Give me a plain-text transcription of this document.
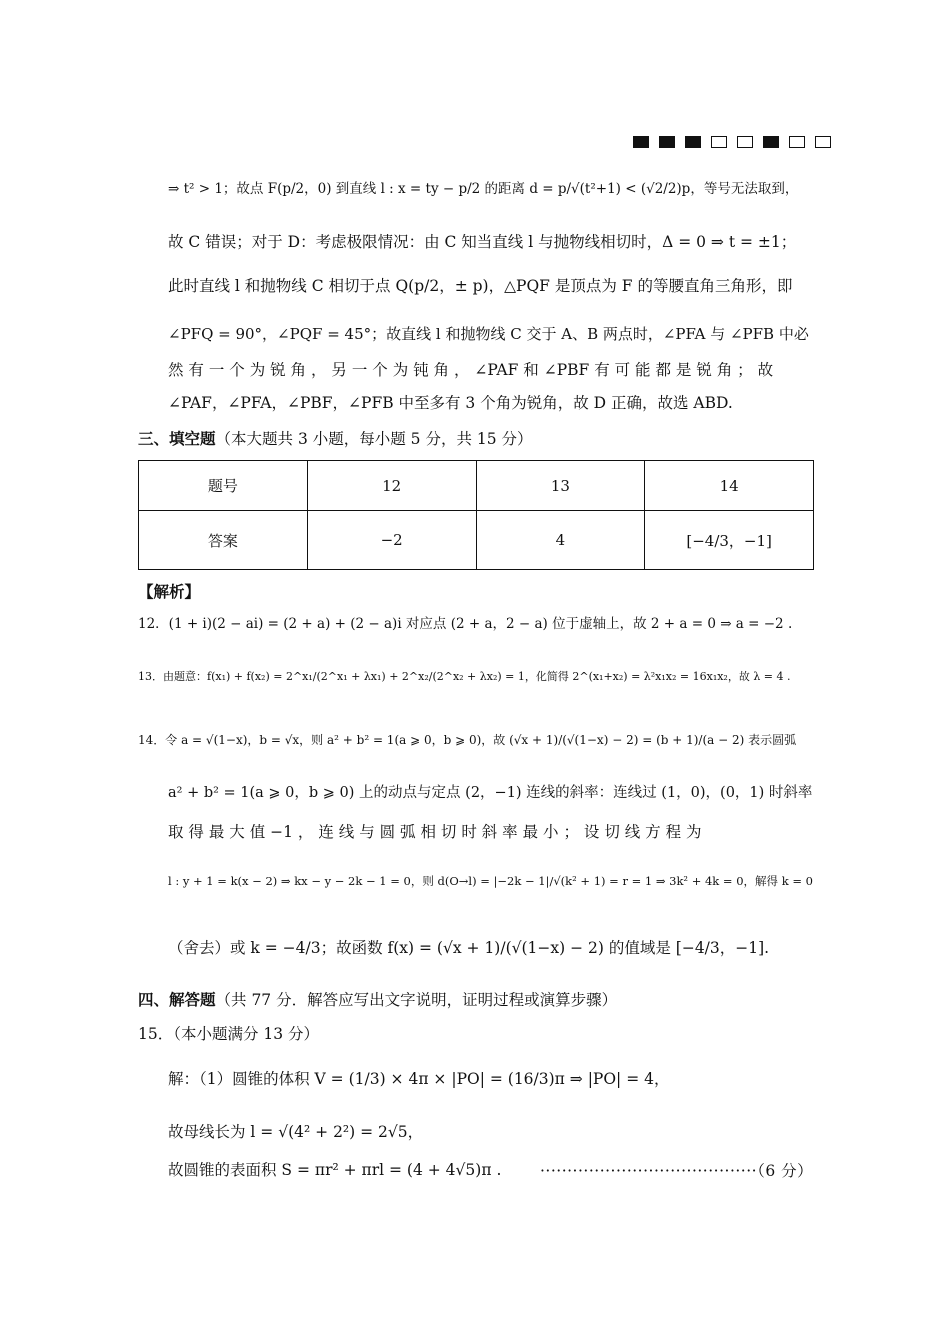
⇒ t² > 1；故点 F(p/2，0) 到直线 l : x = ty − p/2 的距离 d = p/√(t²+1) < (√2/2)p，等号无法取到，
故 C 错误；对于 D：考虑极限情况：由 C 知当直线 l 与抛物线相切时，Δ = 0 ⇒ t = ±1；
此时直线 l 和抛物线 C 相切于点 Q(p/2，± p)，△PQF 是顶点为 F 的等腰直角三角形，即
∠PFQ = 90°，∠PQF = 45°；故直线 l 和抛物线 C 交于 A、B 两点时，∠PFA 与 ∠PFB 中必
然 有 一 个 为 锐 角 ， 另 一 个 为 钝 角 ， ∠PAF 和 ∠PBF 有 可 能 都 是 锐 角 ； 故
∠PAF，∠PFA，∠PBF，∠PFB 中至多有 3 个角为锐角，故 D 正确，故选 ABD.
三、填空题（本大题共 3 小题，每小题 5 分，共 15 分）
题号	12	13	14
答案	−2	4	[−4/3，−1]
【解析】
12．(1 + i)(2 − ai) = (2 + a) + (2 − a)i 对应点 (2 + a，2 − a) 位于虚轴上，故 2 + a = 0 ⇒ a = −2 .
13．由题意：f(x₁) + f(x₂) = 2^x₁/(2^x₁ + λx₁) + 2^x₂/(2^x₂ + λx₂) = 1，化简得 2^(x₁+x₂) = λ²x₁x₂ = 16x₁x₂，故 λ = 4 .
14．令 a = √(1−x)，b = √x，则 a² + b² = 1(a ⩾ 0，b ⩾ 0)，故 (√x + 1)/(√(1−x) − 2) = (b + 1)/(a − 2) 表示圆弧
a² + b² = 1(a ⩾ 0，b ⩾ 0) 上的动点与定点 (2，−1) 连线的斜率：连线过 (1，0)，(0，1) 时斜率
取 得 最 大 值 −1 ， 连 线 与 圆 弧 相 切 时 斜 率 最 小 ； 设 切 线 方 程 为
l : y + 1 = k(x − 2) ⇒ kx − y − 2k − 1 = 0，则 d(O→l) = |−2k − 1|/√(k² + 1) = r = 1 ⇒ 3k² + 4k = 0，解得 k = 0
（舍去）或 k = −4/3；故函数 f(x) = (√x + 1)/(√(1−x) − 2) 的值域是 [−4/3，−1].
四、解答题（共 77 分．解答应写出文字说明，证明过程或演算步骤）
15．（本小题满分 13 分）
解：（1）圆锥的体积 V = (1/3) × 4π × |PO| = (16/3)π ⇒ |PO| = 4，
故母线长为 l = √(4² + 2²) = 2√5，
故圆锥的表面积 S = πr² + πrl = (4 + 4√5)π . ········································（6 分）
